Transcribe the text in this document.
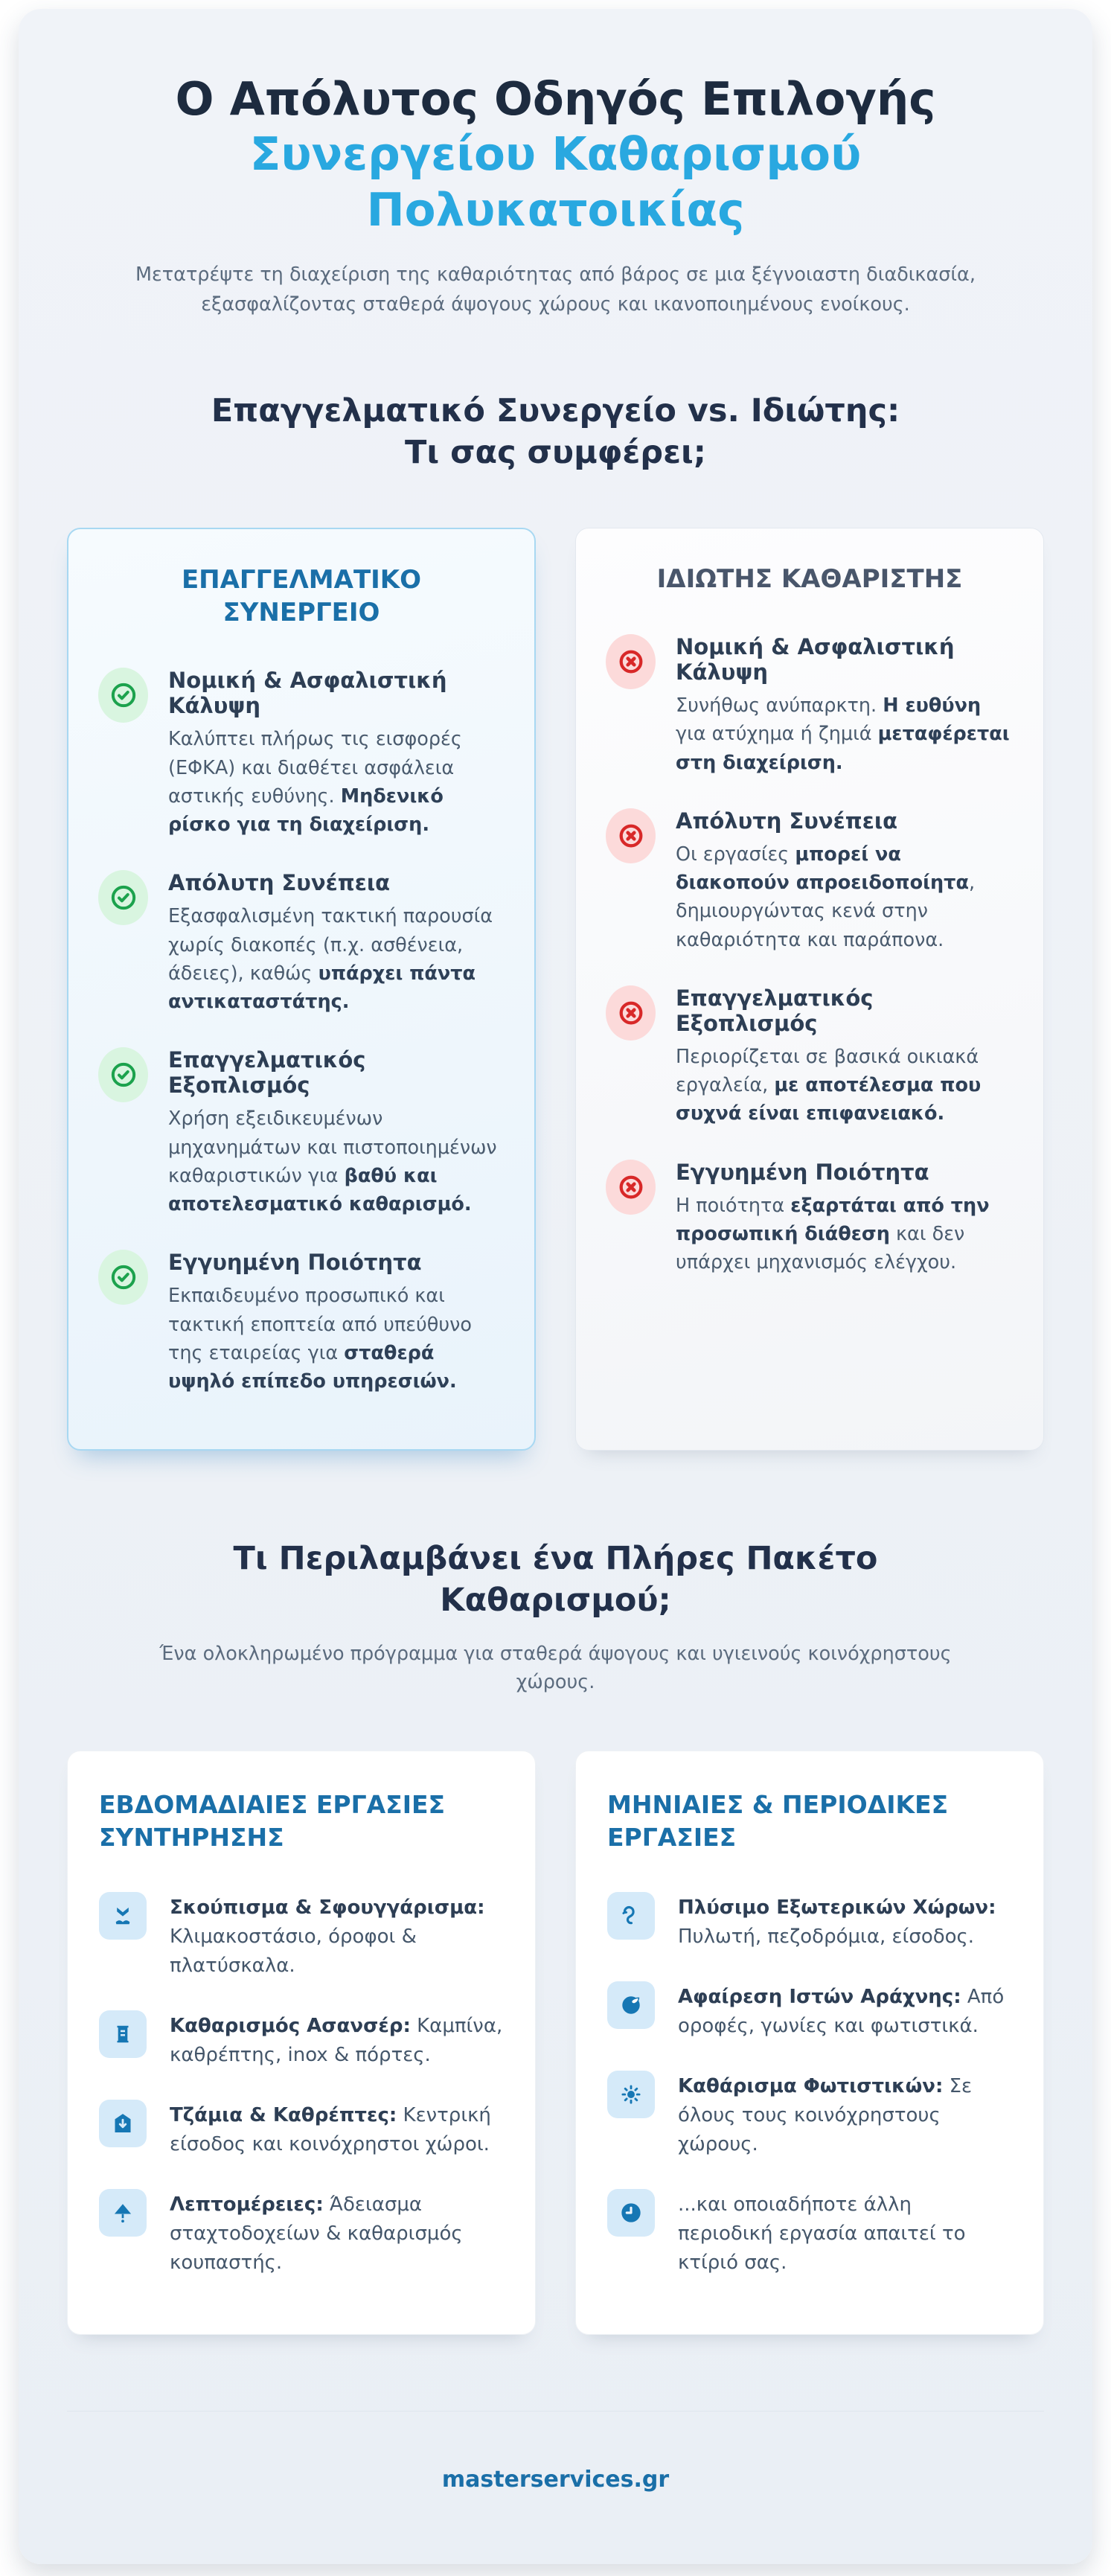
Ο Απόλυτος Οδηγός Επιλογής
Συνεργείου Καθαρισμού Πολυκατοικίας

Μετατρέψτε τη διαχείριση της καθαριότητας από βάρος σε μια ξέγνοιαστη διαδικασία, εξασφαλίζοντας σταθερά άψογους χώρους και ικανοποιημένους ενοίκους.

Επαγγελματικό Συνεργείο vs. Ιδιώτης: Τι σας συμφέρει;
ΕΠΑΓΓΕΛΜΑΤΙΚΟ ΣΥΝΕΡΓΕΙΟ
Νομική & Ασφαλιστική Κάλυψη

Καλύπτει πλήρως τις εισφορές (ΕΦΚΑ) και διαθέτει ασφάλεια αστικής ευθύνης. Μηδενικό ρίσκο για τη διαχείριση.

Απόλυτη Συνέπεια

Εξασφαλισμένη τακτική παρουσία χωρίς διακοπές (π.χ. ασθένεια, άδειες), καθώς υπάρχει πάντα αντικαταστάτης.

Επαγγελματικός Εξοπλισμός

Χρήση εξειδικευμένων μηχανημάτων και πιστοποιημένων καθαριστικών για βαθύ και αποτελεσματικό καθαρισμό.

Εγγυημένη Ποιότητα

Εκπαιδευμένο προσωπικό και τακτική εποπτεία από υπεύθυνο της εταιρείας για σταθερά υψηλό επίπεδο υπηρεσιών.

ΙΔΙΩΤΗΣ ΚΑΘΑΡΙΣΤΗΣ
Νομική & Ασφαλιστική Κάλυψη

Συνήθως ανύπαρκτη. Η ευθύνη για ατύχημα ή ζημιά μεταφέρεται στη διαχείριση.

Απόλυτη Συνέπεια

Οι εργασίες μπορεί να διακοπούν απροειδοποίητα, δημιουργώντας κενά στην καθαριότητα και παράπονα.

Επαγγελματικός Εξοπλισμός

Περιορίζεται σε βασικά οικιακά εργαλεία, με αποτέλεσμα που συχνά είναι επιφανειακό.

Εγγυημένη Ποιότητα

Η ποιότητα εξαρτάται από την προσωπική διάθεση και δεν υπάρχει μηχανισμός ελέγχου.

Τι Περιλαμβάνει ένα Πλήρες Πακέτο Καθαρισμού;

Ένα ολοκληρωμένο πρόγραμμα για σταθερά άψογους και υγιεινούς κοινόχρηστους χώρους.

ΕΒΔΟΜΑΔΙΑΙΕΣ ΕΡΓΑΣΙΕΣ ΣΥΝΤΗΡΗΣΗΣ
Σκούπισμα & Σφουγγάρισμα: Κλιμακοστάσιο, όροφοι & πλατύσκαλα.
Καθαρισμός Ασανσέρ: Καμπίνα, καθρέπτης, inox & πόρτες.
Τζάμια & Καθρέπτες: Κεντρική είσοδος και κοινόχρηστοι χώροι.
Λεπτομέρειες: Άδειασμα σταχτοδοχείων & καθαρισμός κουπαστής.
ΜΗΝΙΑΙΕΣ & ΠΕΡΙΟΔΙΚΕΣ ΕΡΓΑΣΙΕΣ
Πλύσιμο Εξωτερικών Χώρων: Πυλωτή, πεζοδρόμια, είσοδος.
Αφαίρεση Ιστών Αράχνης: Από οροφές, γωνίες και φωτιστικά.
Καθάρισμα Φωτιστικών: Σε όλους τους κοινόχρηστους χώρους.
...και οποιαδήποτε άλλη περιοδική εργασία απαιτεί το κτίριό σας.
masterservices.gr
